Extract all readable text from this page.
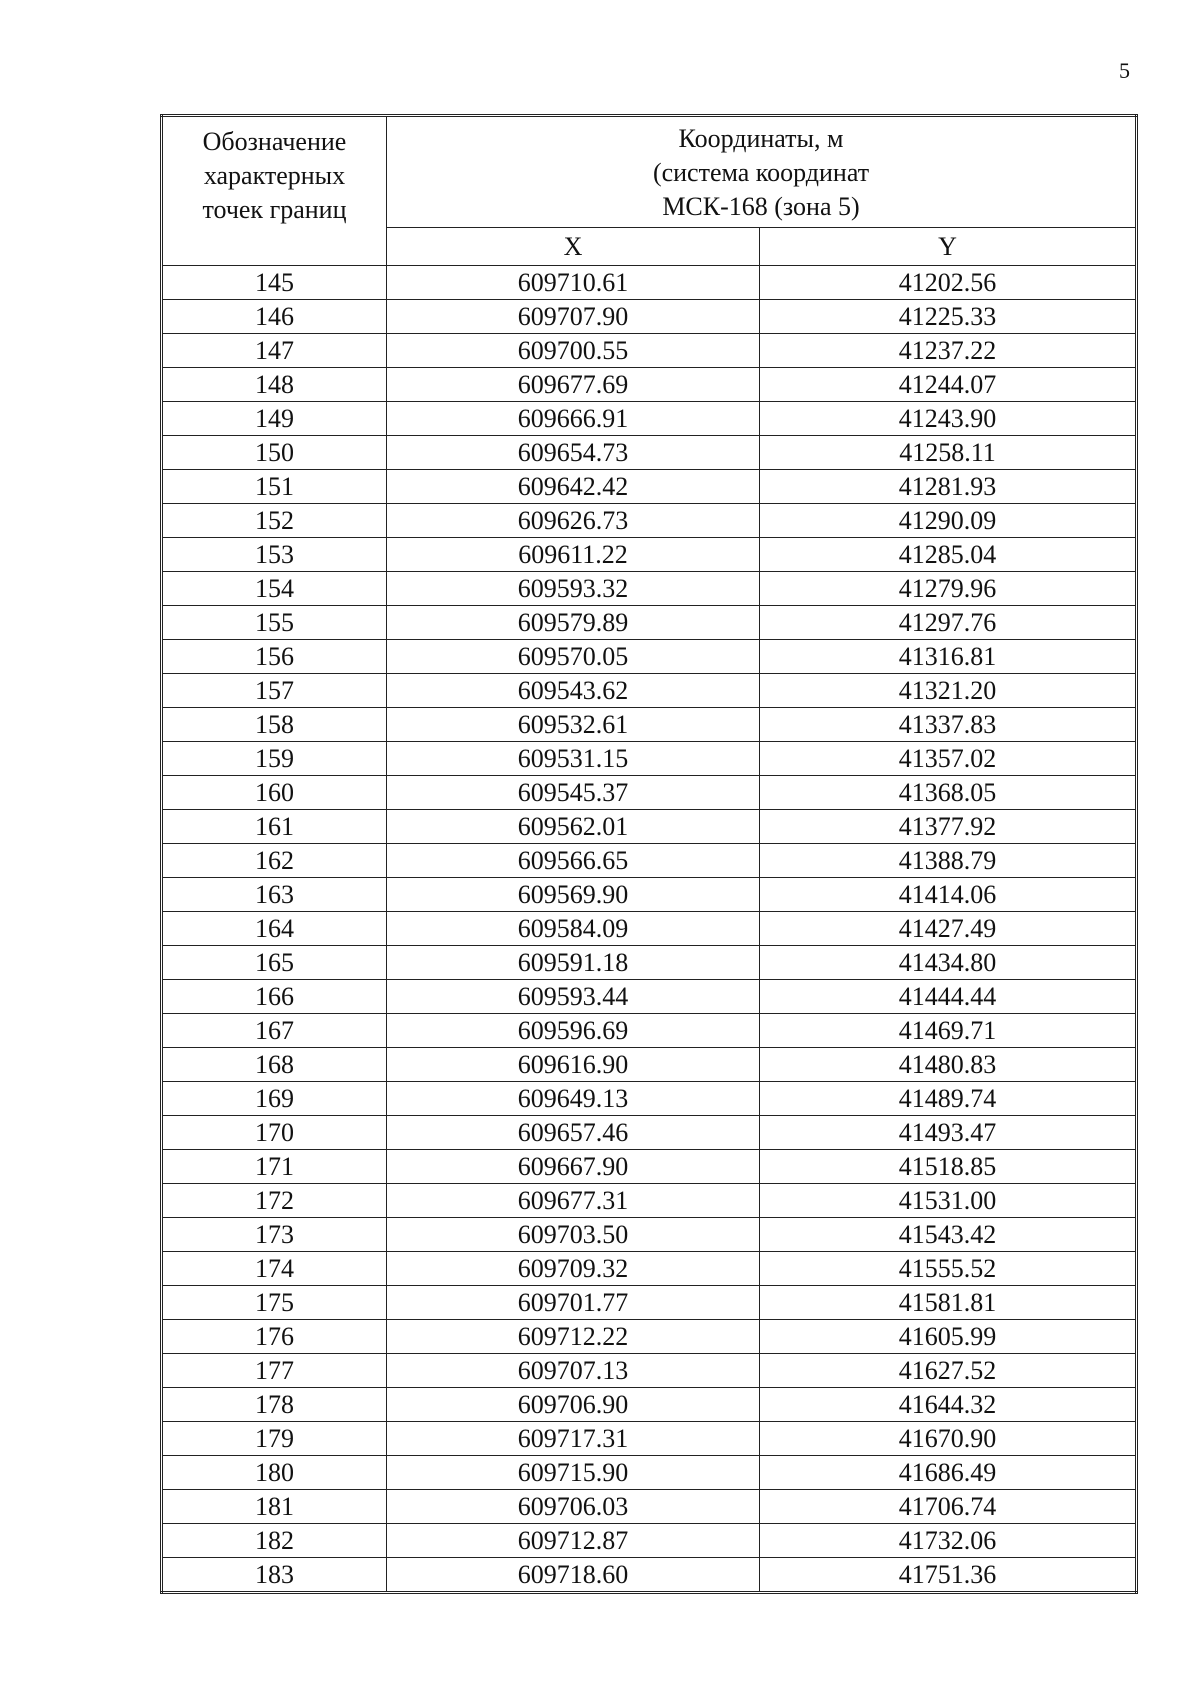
5
Обозначение
характерных
точек границ	Координаты, м
(система координат
МСК-168 (зона 5)	

	X	Y
145	609710.61	41202.56
146	609707.90	41225.33
147	609700.55	41237.22
148	609677.69	41244.07
149	609666.91	41243.90
150	609654.73	41258.11
151	609642.42	41281.93
152	609626.73	41290.09
153	609611.22	41285.04
154	609593.32	41279.96
155	609579.89	41297.76
156	609570.05	41316.81
157	609543.62	41321.20
158	609532.61	41337.83
159	609531.15	41357.02
160	609545.37	41368.05
161	609562.01	41377.92
162	609566.65	41388.79
163	609569.90	41414.06
164	609584.09	41427.49
165	609591.18	41434.80
166	609593.44	41444.44
167	609596.69	41469.71
168	609616.90	41480.83
169	609649.13	41489.74
170	609657.46	41493.47
171	609667.90	41518.85
172	609677.31	41531.00
173	609703.50	41543.42
174	609709.32	41555.52
175	609701.77	41581.81
176	609712.22	41605.99
177	609707.13	41627.52
178	609706.90	41644.32
179	609717.31	41670.90
180	609715.90	41686.49
181	609706.03	41706.74
182	609712.87	41732.06
183	609718.60	41751.36
